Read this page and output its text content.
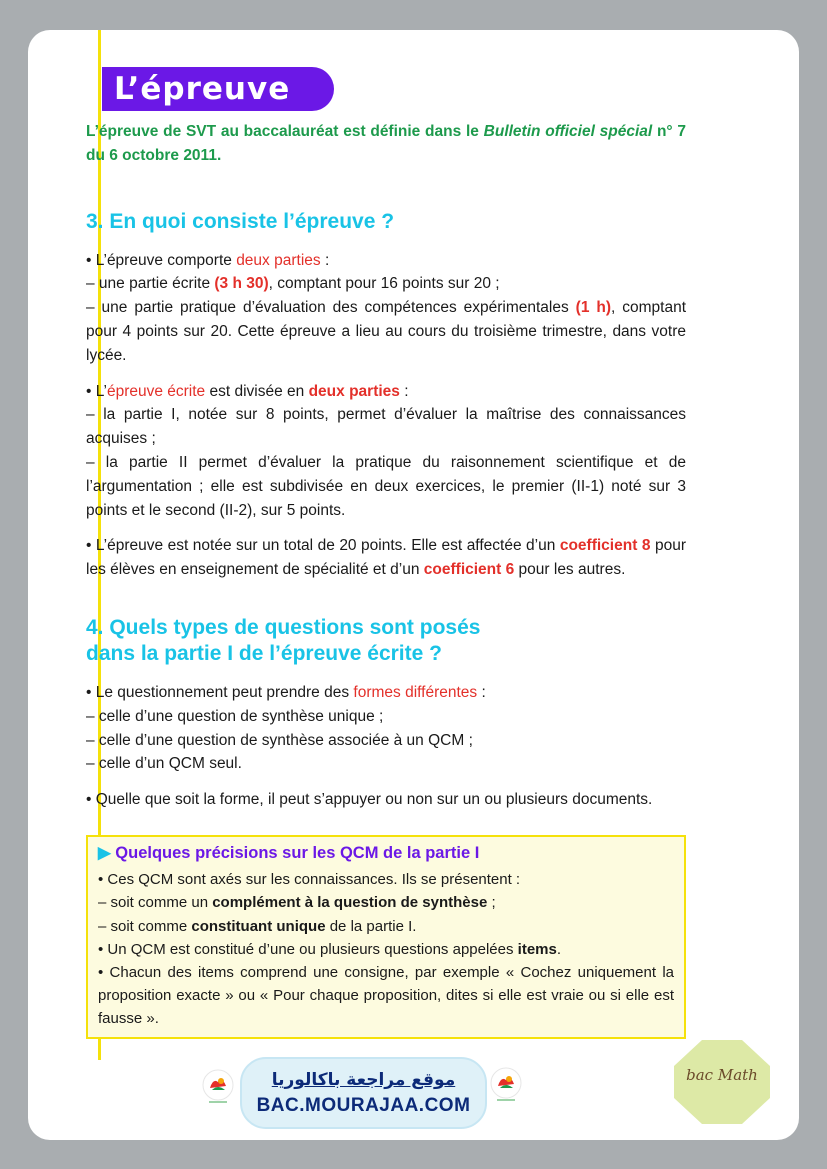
L’épreuve

L’épreuve de SVT au baccalauréat est définie dans le Bulletin officiel spécial n° 7 du 6 octobre 2011.

3. En quoi consiste l’épreuve ?

• L’épreuve comporte deux parties :
– une partie écrite (3 h 30), comptant pour 16 points sur 20 ;
– une partie pratique d’évaluation des compétences expérimentales (1 h), comptant pour 4 points sur 20. Cette épreuve a lieu au cours du troisième trimestre, dans votre lycée.

• L’épreuve écrite est divisée en deux parties :
– la partie I, notée sur 8 points, permet d’évaluer la maîtrise des connaissances acquises ;
– la partie II permet d’évaluer la pratique du raisonnement scientifique et de l’argumentation ; elle est subdivisée en deux exercices, le premier (II-1) noté sur 3 points et le second (II-2), sur 5 points.

• L’épreuve est notée sur un total de 20 points. Elle est affectée d’un coefficient 8 pour les élèves en enseignement de spécialité et d’un coefficient 6 pour les autres.

4. Quels types de questions sont posés
dans la partie I de l’épreuve écrite ?

• Le questionnement peut prendre des formes différentes :
– celle d’une question de synthèse unique ;
– celle d’une question de synthèse associée à un QCM ;
– celle d’un QCM seul.

• Quelle que soit la forme, il peut s’appuyer ou non sur un ou plusieurs documents.

▶ Quelques précisions sur les QCM de la partie I

• Ces QCM sont axés sur les connaissances. Ils se présentent :
– soit comme un complément à la question de synthèse ;
– soit comme constituant unique de la partie I.
• Un QCM est constitué d’une ou plusieurs questions appelées items.
• Chacun des items comprend une consigne, par exemple « Cochez uniquement la proposition exacte » ou « Pour chaque proposition, dites si elle est vraie ou si elle est fausse ».

موقع مراجعة باكالوريا
BAC.MOURAJAA.COM
bac Math
